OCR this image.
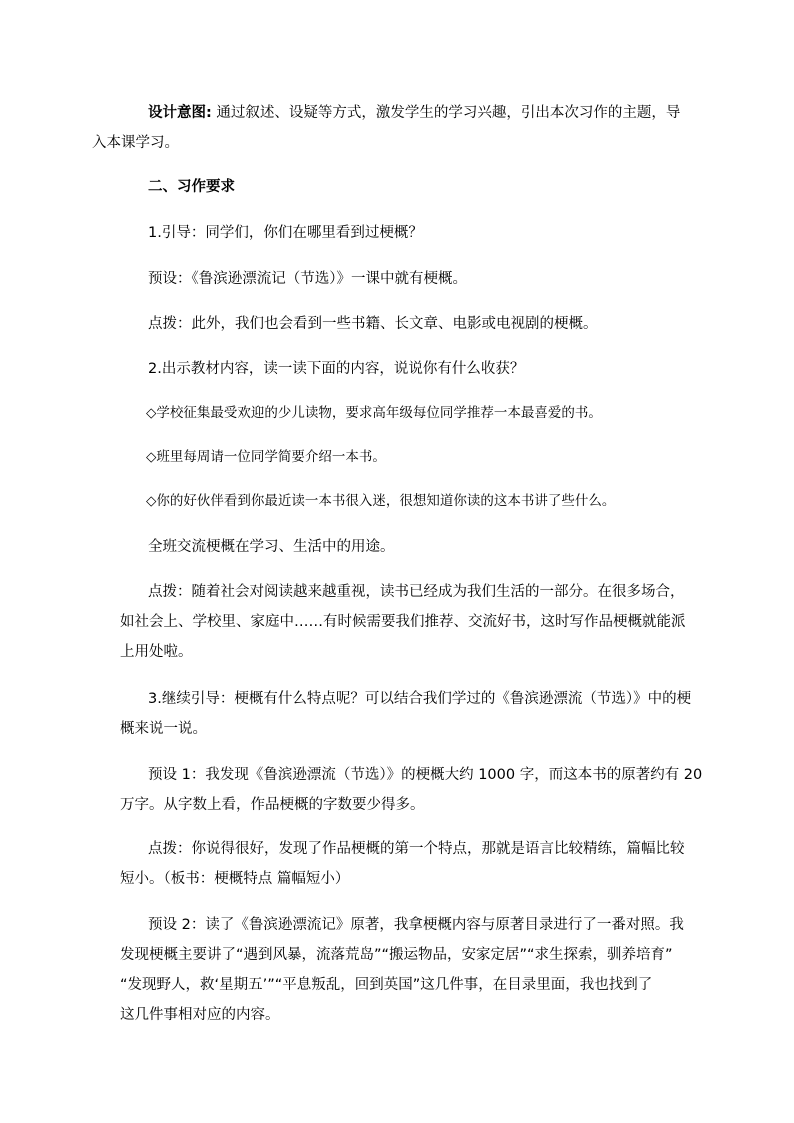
设计意图: 通过叙述、设疑等方式，激发学生的学习兴趣，引出本次习作的主题，导
入本课学习。

二、习作要求

1.引导：同学们，你们在哪里看到过梗概？

预设：《鲁滨逊漂流记（节选）》一课中就有梗概。

点拨：此外，我们也会看到一些书籍、长文章、电影或电视剧的梗概。

2.出示教材内容，读一读下面的内容，说说你有什么收获？

◇学校征集最受欢迎的少儿读物，要求高年级每位同学推荐一本最喜爱的书。

◇班里每周请一位同学简要介绍一本书。

◇你的好伙伴看到你最近读一本书很入迷，很想知道你读的这本书讲了些什么。

全班交流梗概在学习、生活中的用途。

点拨：随着社会对阅读越来越重视，读书已经成为我们生活的一部分。在很多场合，
如社会上、学校里、家庭中……有时候需要我们推荐、交流好书，这时写作品梗概就能派
上用处啦。

3.继续引导：梗概有什么特点呢？可以结合我们学过的《鲁滨逊漂流（节选）》中的梗
概来说一说。

预设 1：我发现《鲁滨逊漂流（节选）》的梗概大约 1000 字，而这本书的原著约有 20
万字。从字数上看，作品梗概的字数要少得多。

点拨：你说得很好，发现了作品梗概的第一个特点，那就是语言比较精练，篇幅比较
短小。（板书：梗概特点 篇幅短小）

预设 2：读了《鲁滨逊漂流记》原著，我拿梗概内容与原著目录进行了一番对照。我
发现梗概主要讲了“遇到风暴，流落荒岛”“搬运物品，安家定居”“求生探索，驯养培育”
“发现野人，救‘星期五’”“平息叛乱，回到英国”这几件事，在目录里面，我也找到了
这几件事相对应的内容。
